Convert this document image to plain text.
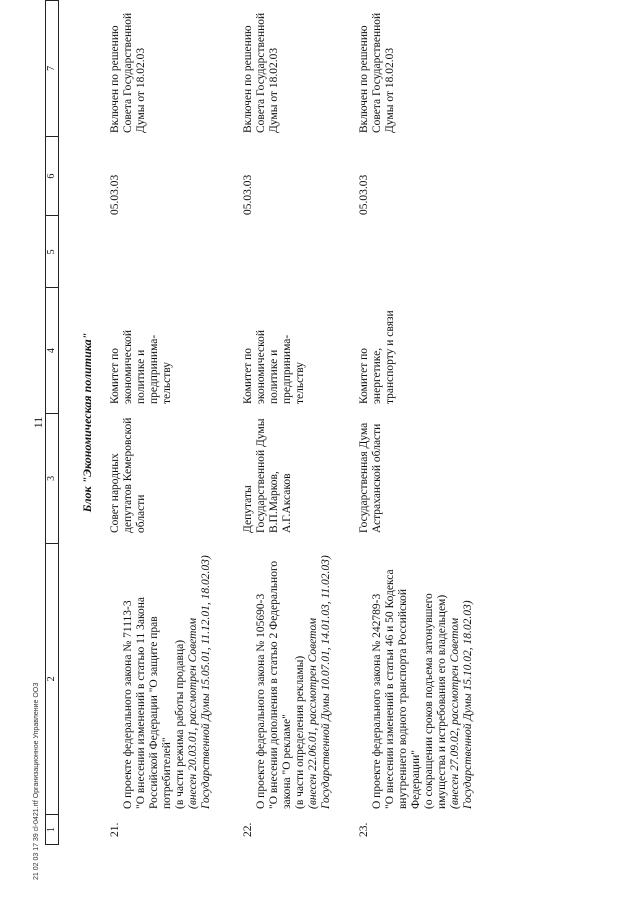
11
1
2
3
4
5
6
7
Блок "Экономическая политика"
21.

О проекте федерального закона № 71113-3
"О внесении изменений в статью 11 Закона Российской Федерации "О защите прав потребителей"
(в части режима работы продавца)
(внесен 20.03.01, рассмотрен Советом Государственной Думы 15.05.01, 11.12.01, 18.02.03)

Совет народных депутатов Кемеровской области
Комитет по экономической политике и предпринима-тельству
05.03.03
Включен по решению Совета Государственной Думы от 18.02.03
22.

О проекте федерального закона № 105690-3
"О внесении дополнения в статью 2 Федерального закона "О рекламе"
(в части определения рекламы)
(внесен 22.06.01, рассмотрен Советом Государственной Думы 10.07.01, 14.01.03, 11.02.03)

Депутаты Государственной Думы
В.П.Марков,
А.Г.Аксаков
Комитет по экономической политике и предпринима-тельству
05.03.03
Включен по решению Совета Государственной Думы от 18.02.03
23.

О проекте федерального закона № 242789-3
"О внесении изменений в статьи 46 и 50 Кодекса внутреннего водного транспорта Российской Федерации"
(о сокращении сроков подъема затонувшего имущества и истребования его владельцем)
(внесен 27.09.02, рассмотрен Советом Государственной Думы 15.10.02, 18.02.03)

Государственная Дума Астраханской области
Комитет по энергетике, транспорту и связи
05.03.03
Включен по решению Совета Государственной Думы от 18.02.03
21 02 03 17 39 cl-0421.rtf Организационное Управление ООЗ
